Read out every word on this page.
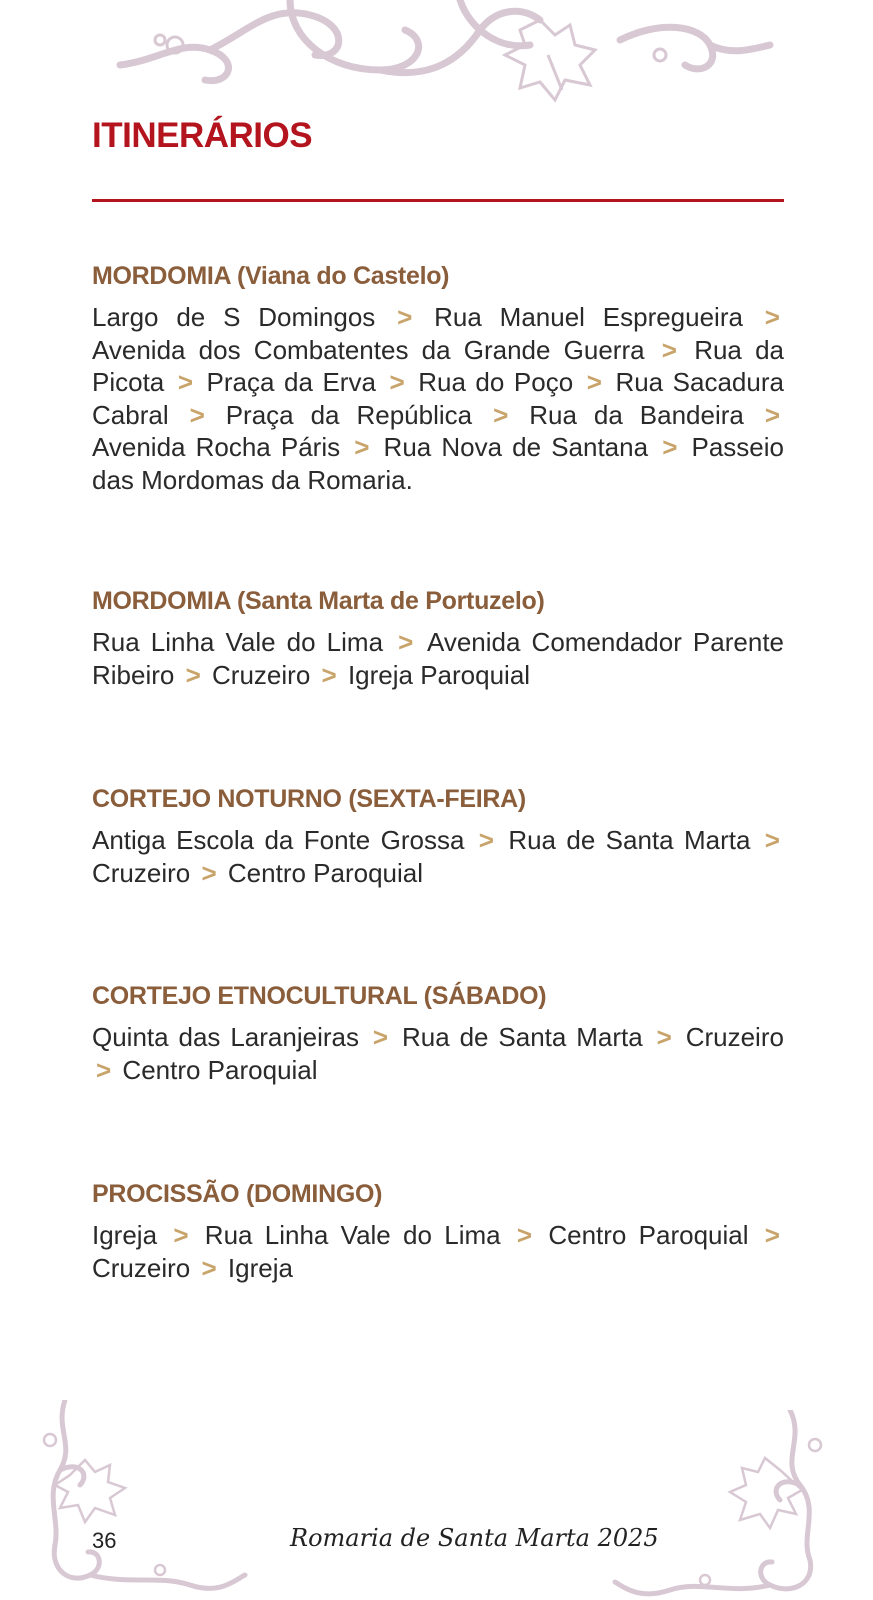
ITINERÁRIOS
MORDOMIA (Viana do Castelo)

Largo de S Domingos > Rua Manuel Espregueira > Avenida dos Combatentes da Grande Guerra > Rua da Picota > Praça da Erva > Rua do Poço > Rua Sacadura Cabral > Praça da República > Rua da Bandeira > Avenida Rocha Páris > Rua Nova de Santana > Passeio das Mordomas da Romaria.

MORDOMIA (Santa Marta de Portuzelo)

Rua Linha Vale do Lima > Avenida Comendador Parente Ribeiro > Cruzeiro > Igreja Paroquial

CORTEJO NOTURNO (SEXTA-FEIRA)

Antiga Escola da Fonte Grossa > Rua de Santa Marta > Cruzeiro > Centro Paroquial

CORTEJO ETNOCULTURAL (SÁBADO)

Quinta das Laranjeiras > Rua de Santa Marta > Cruzeiro > Centro Paroquial

PROCISSÃO (DOMINGO)

Igreja > Rua Linha Vale do Lima > Centro Paroquial > Cruzeiro > Igreja

36	Romaria de Santa Marta 2025
